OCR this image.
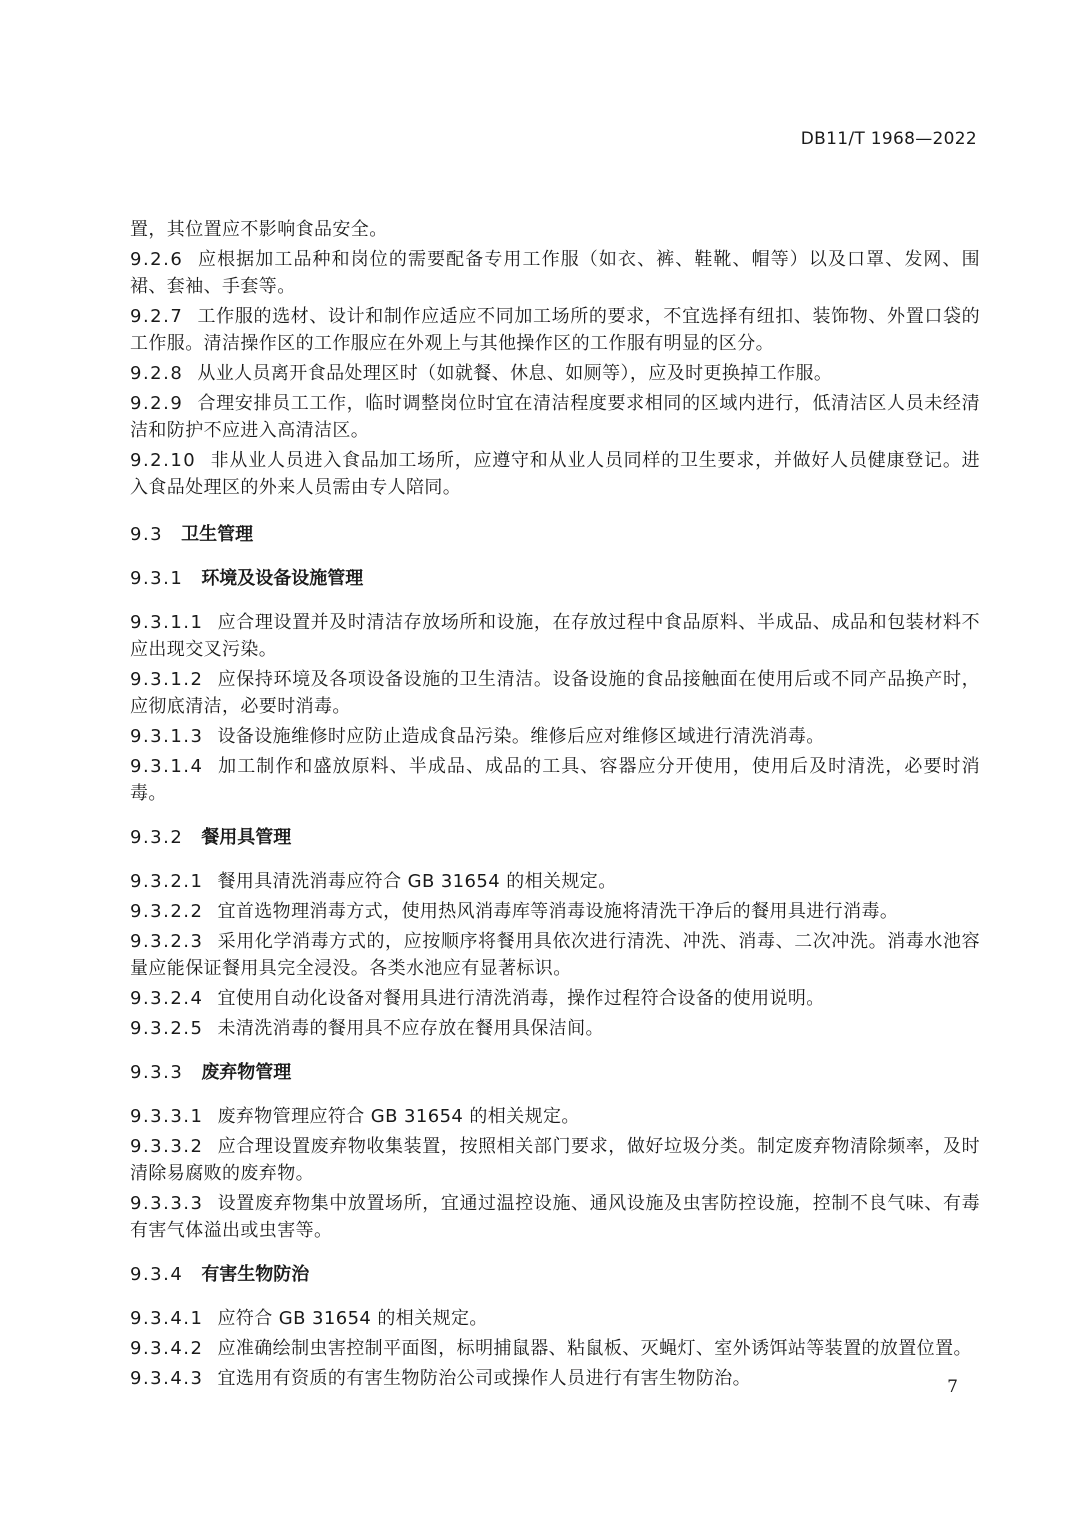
DB11/T 1968—2022

置，其位置应不影响食品安全。

9.2.6 应根据加工品种和岗位的需要配备专用工作服（如衣、裤、鞋靴、帽等）以及口罩、发网、围裙、套袖、手套等。

9.2.7 工作服的选材、设计和制作应适应不同加工场所的要求，不宜选择有纽扣、装饰物、外置口袋的工作服。清洁操作区的工作服应在外观上与其他操作区的工作服有明显的区分。

9.2.8 从业人员离开食品处理区时（如就餐、休息、如厕等），应及时更换掉工作服。

9.2.9 合理安排员工工作，临时调整岗位时宜在清洁程度要求相同的区域内进行，低清洁区人员未经清洁和防护不应进入高清洁区。

9.2.10 非从业人员进入食品加工场所，应遵守和从业人员同样的卫生要求，并做好人员健康登记。进入食品处理区的外来人员需由专人陪同。

9.3 卫生管理
9.3.1 环境及设备设施管理

9.3.1.1 应合理设置并及时清洁存放场所和设施，在存放过程中食品原料、半成品、成品和包装材料不应出现交叉污染。

9.3.1.2 应保持环境及各项设备设施的卫生清洁。设备设施的食品接触面在使用后或不同产品换产时，应彻底清洁，必要时消毒。

9.3.1.3 设备设施维修时应防止造成食品污染。维修后应对维修区域进行清洗消毒。

9.3.1.4 加工制作和盛放原料、半成品、成品的工具、容器应分开使用，使用后及时清洗，必要时消毒。

9.3.2 餐用具管理

9.3.2.1 餐用具清洗消毒应符合 GB 31654 的相关规定。

9.3.2.2 宜首选物理消毒方式，使用热风消毒库等消毒设施将清洗干净后的餐用具进行消毒。

9.3.2.3 采用化学消毒方式的，应按顺序将餐用具依次进行清洗、冲洗、消毒、二次冲洗。消毒水池容量应能保证餐用具完全浸没。各类水池应有显著标识。

9.3.2.4 宜使用自动化设备对餐用具进行清洗消毒，操作过程符合设备的使用说明。

9.3.2.5 未清洗消毒的餐用具不应存放在餐用具保洁间。

9.3.3 废弃物管理

9.3.3.1 废弃物管理应符合 GB 31654 的相关规定。

9.3.3.2 应合理设置废弃物收集装置，按照相关部门要求，做好垃圾分类。制定废弃物清除频率，及时清除易腐败的废弃物。

9.3.3.3 设置废弃物集中放置场所，宜通过温控设施、通风设施及虫害防控设施，控制不良气味、有毒有害气体溢出或虫害等。

9.3.4 有害生物防治

9.3.4.1 应符合 GB 31654 的相关规定。

9.3.4.2 应准确绘制虫害控制平面图，标明捕鼠器、粘鼠板、灭蝇灯、室外诱饵站等装置的放置位置。

9.3.4.3 宜选用有资质的有害生物防治公司或操作人员进行有害生物防治。	7
